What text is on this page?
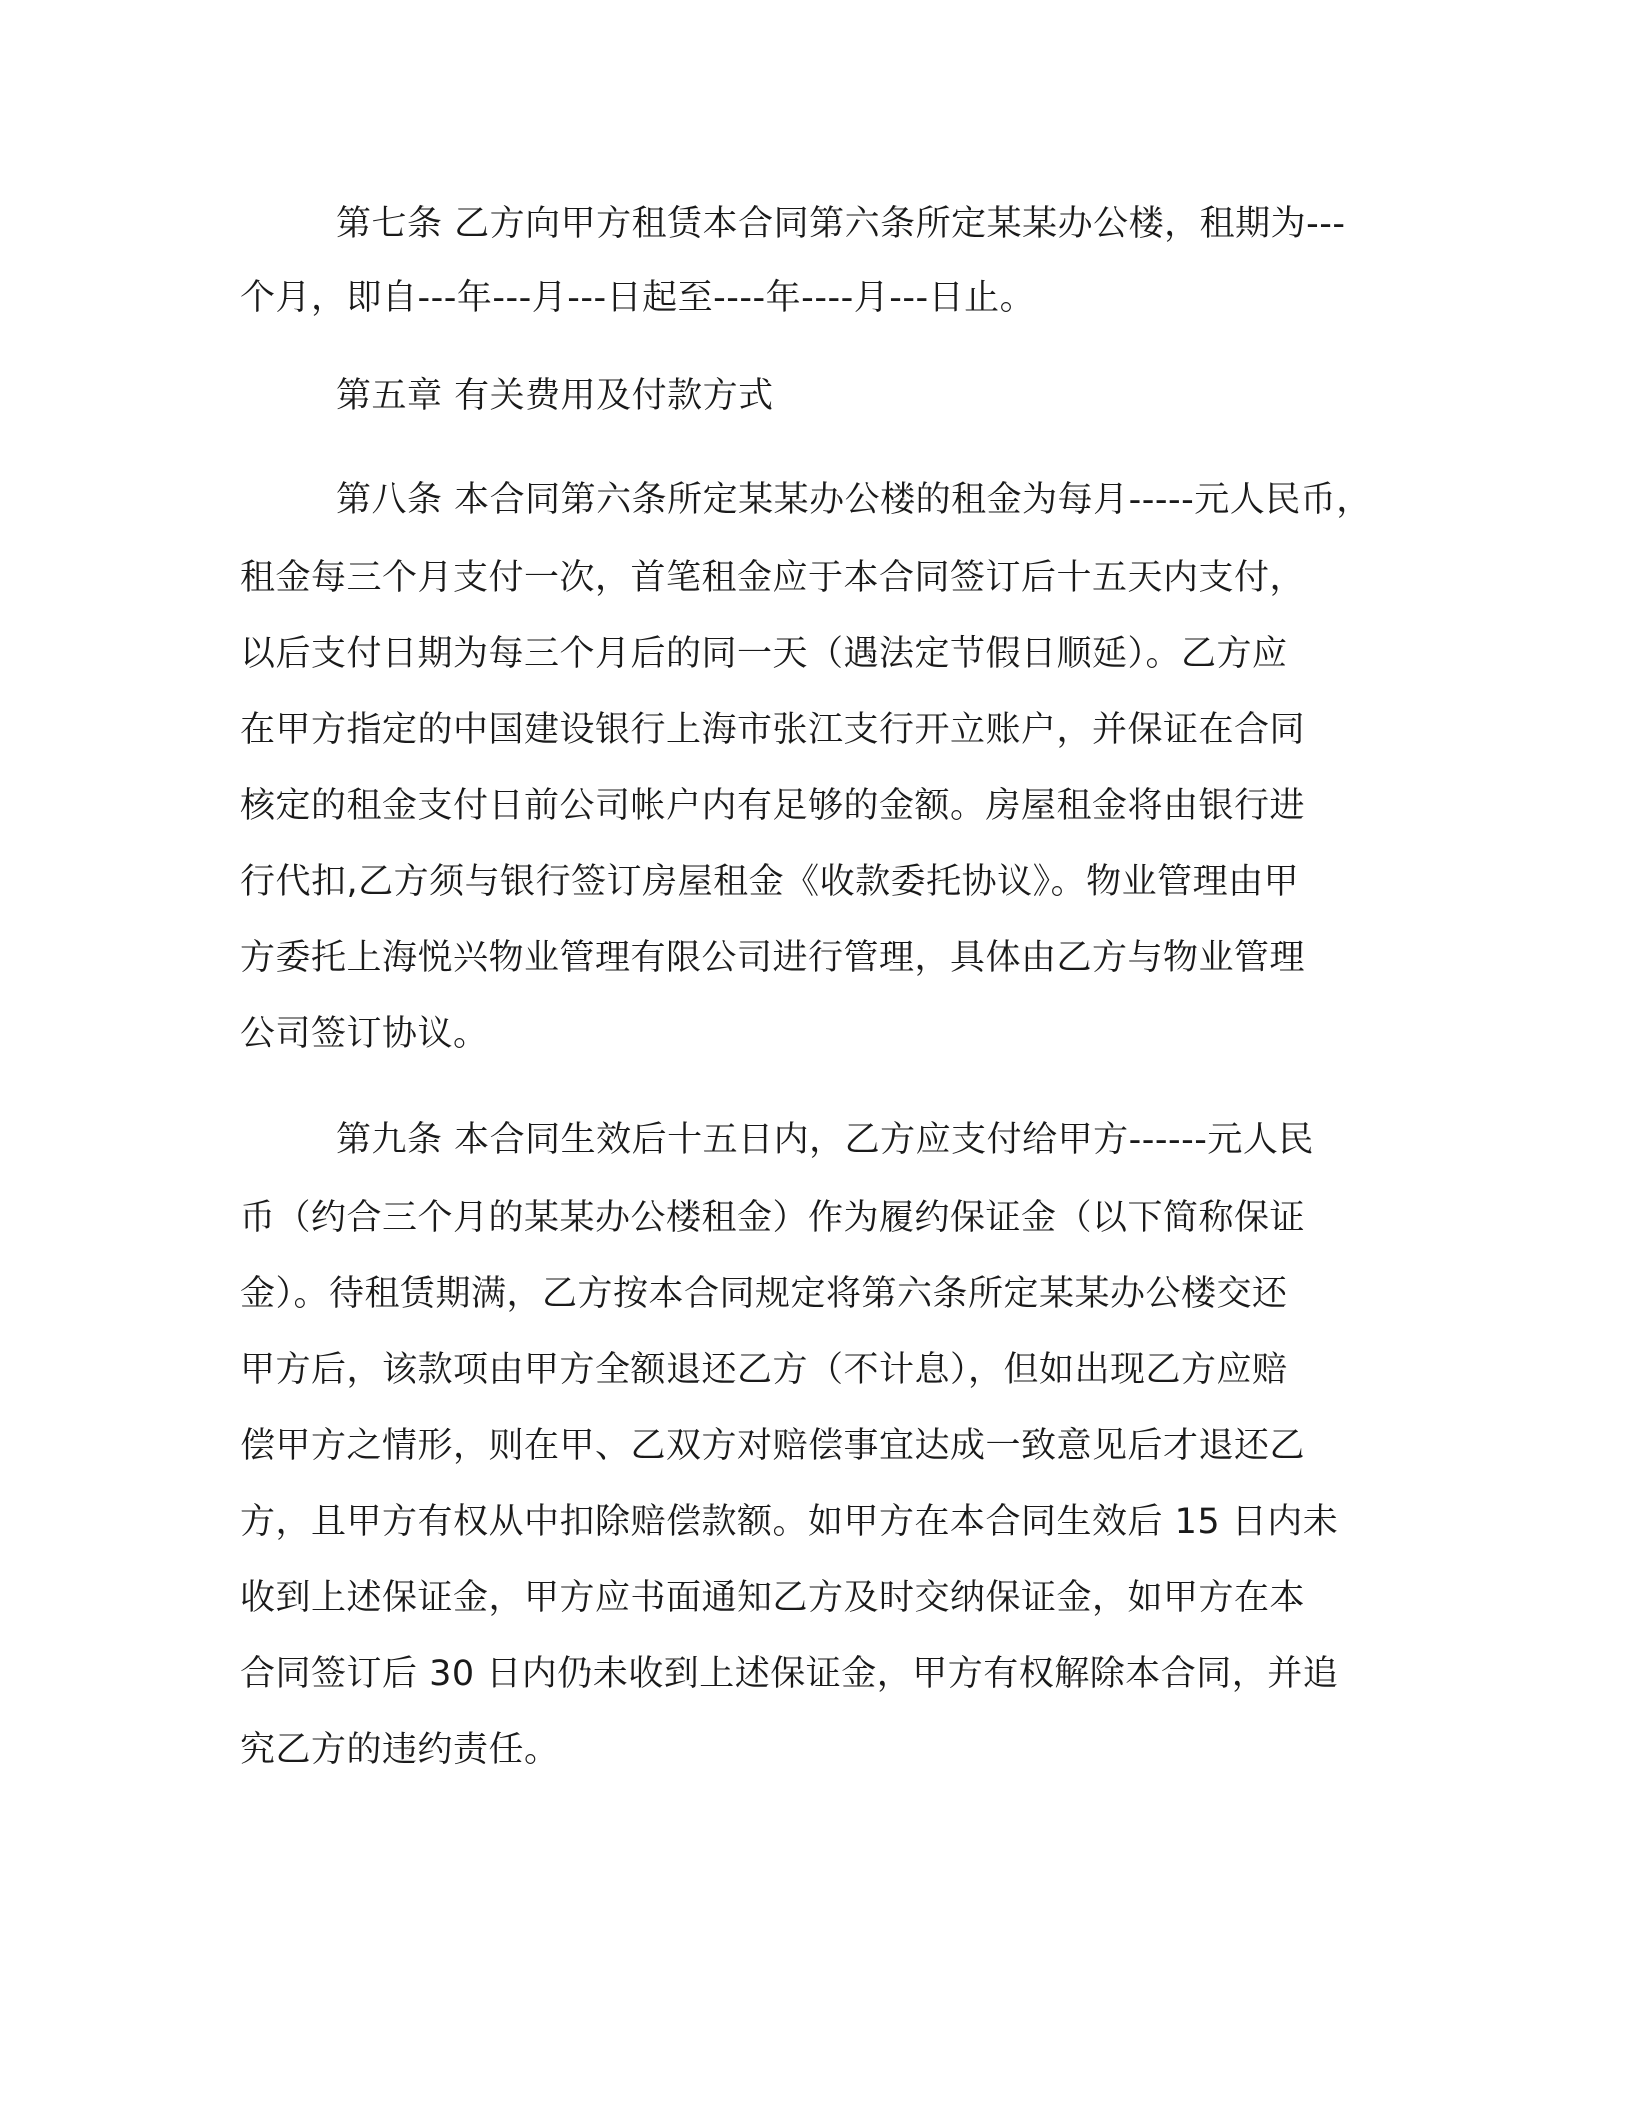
第七条 乙方向甲方租赁本合同第六条所定某某办公楼，租期为---
个月，即自---年---月---日起至----年----月---日止。
第五章 有关费用及付款方式
第八条 本合同第六条所定某某办公楼的租金为每月-----元人民币，
租金每三个月支付一次，首笔租金应于本合同签订后十五天内支付，
以后支付日期为每三个月后的同一天（遇法定节假日顺延）。乙方应
在甲方指定的中国建设银行上海市张江支行开立账户，并保证在合同
核定的租金支付日前公司帐户内有足够的金额。房屋租金将由银行进
行代扣,乙方须与银行签订房屋租金《收款委托协议》。物业管理由甲
方委托上海悦兴物业管理有限公司进行管理，具体由乙方与物业管理
公司签订协议。
第九条 本合同生效后十五日内，乙方应支付给甲方------元人民
币（约合三个月的某某办公楼租金）作为履约保证金（以下简称保证
金）。待租赁期满，乙方按本合同规定将第六条所定某某办公楼交还
甲方后，该款项由甲方全额退还乙方（不计息），但如出现乙方应赔
偿甲方之情形，则在甲、乙双方对赔偿事宜达成一致意见后才退还乙
方，且甲方有权从中扣除赔偿款额。如甲方在本合同生效后 15 日内未
收到上述保证金，甲方应书面通知乙方及时交纳保证金，如甲方在本
合同签订后 30 日内仍未收到上述保证金，甲方有权解除本合同，并追
究乙方的违约责任。
